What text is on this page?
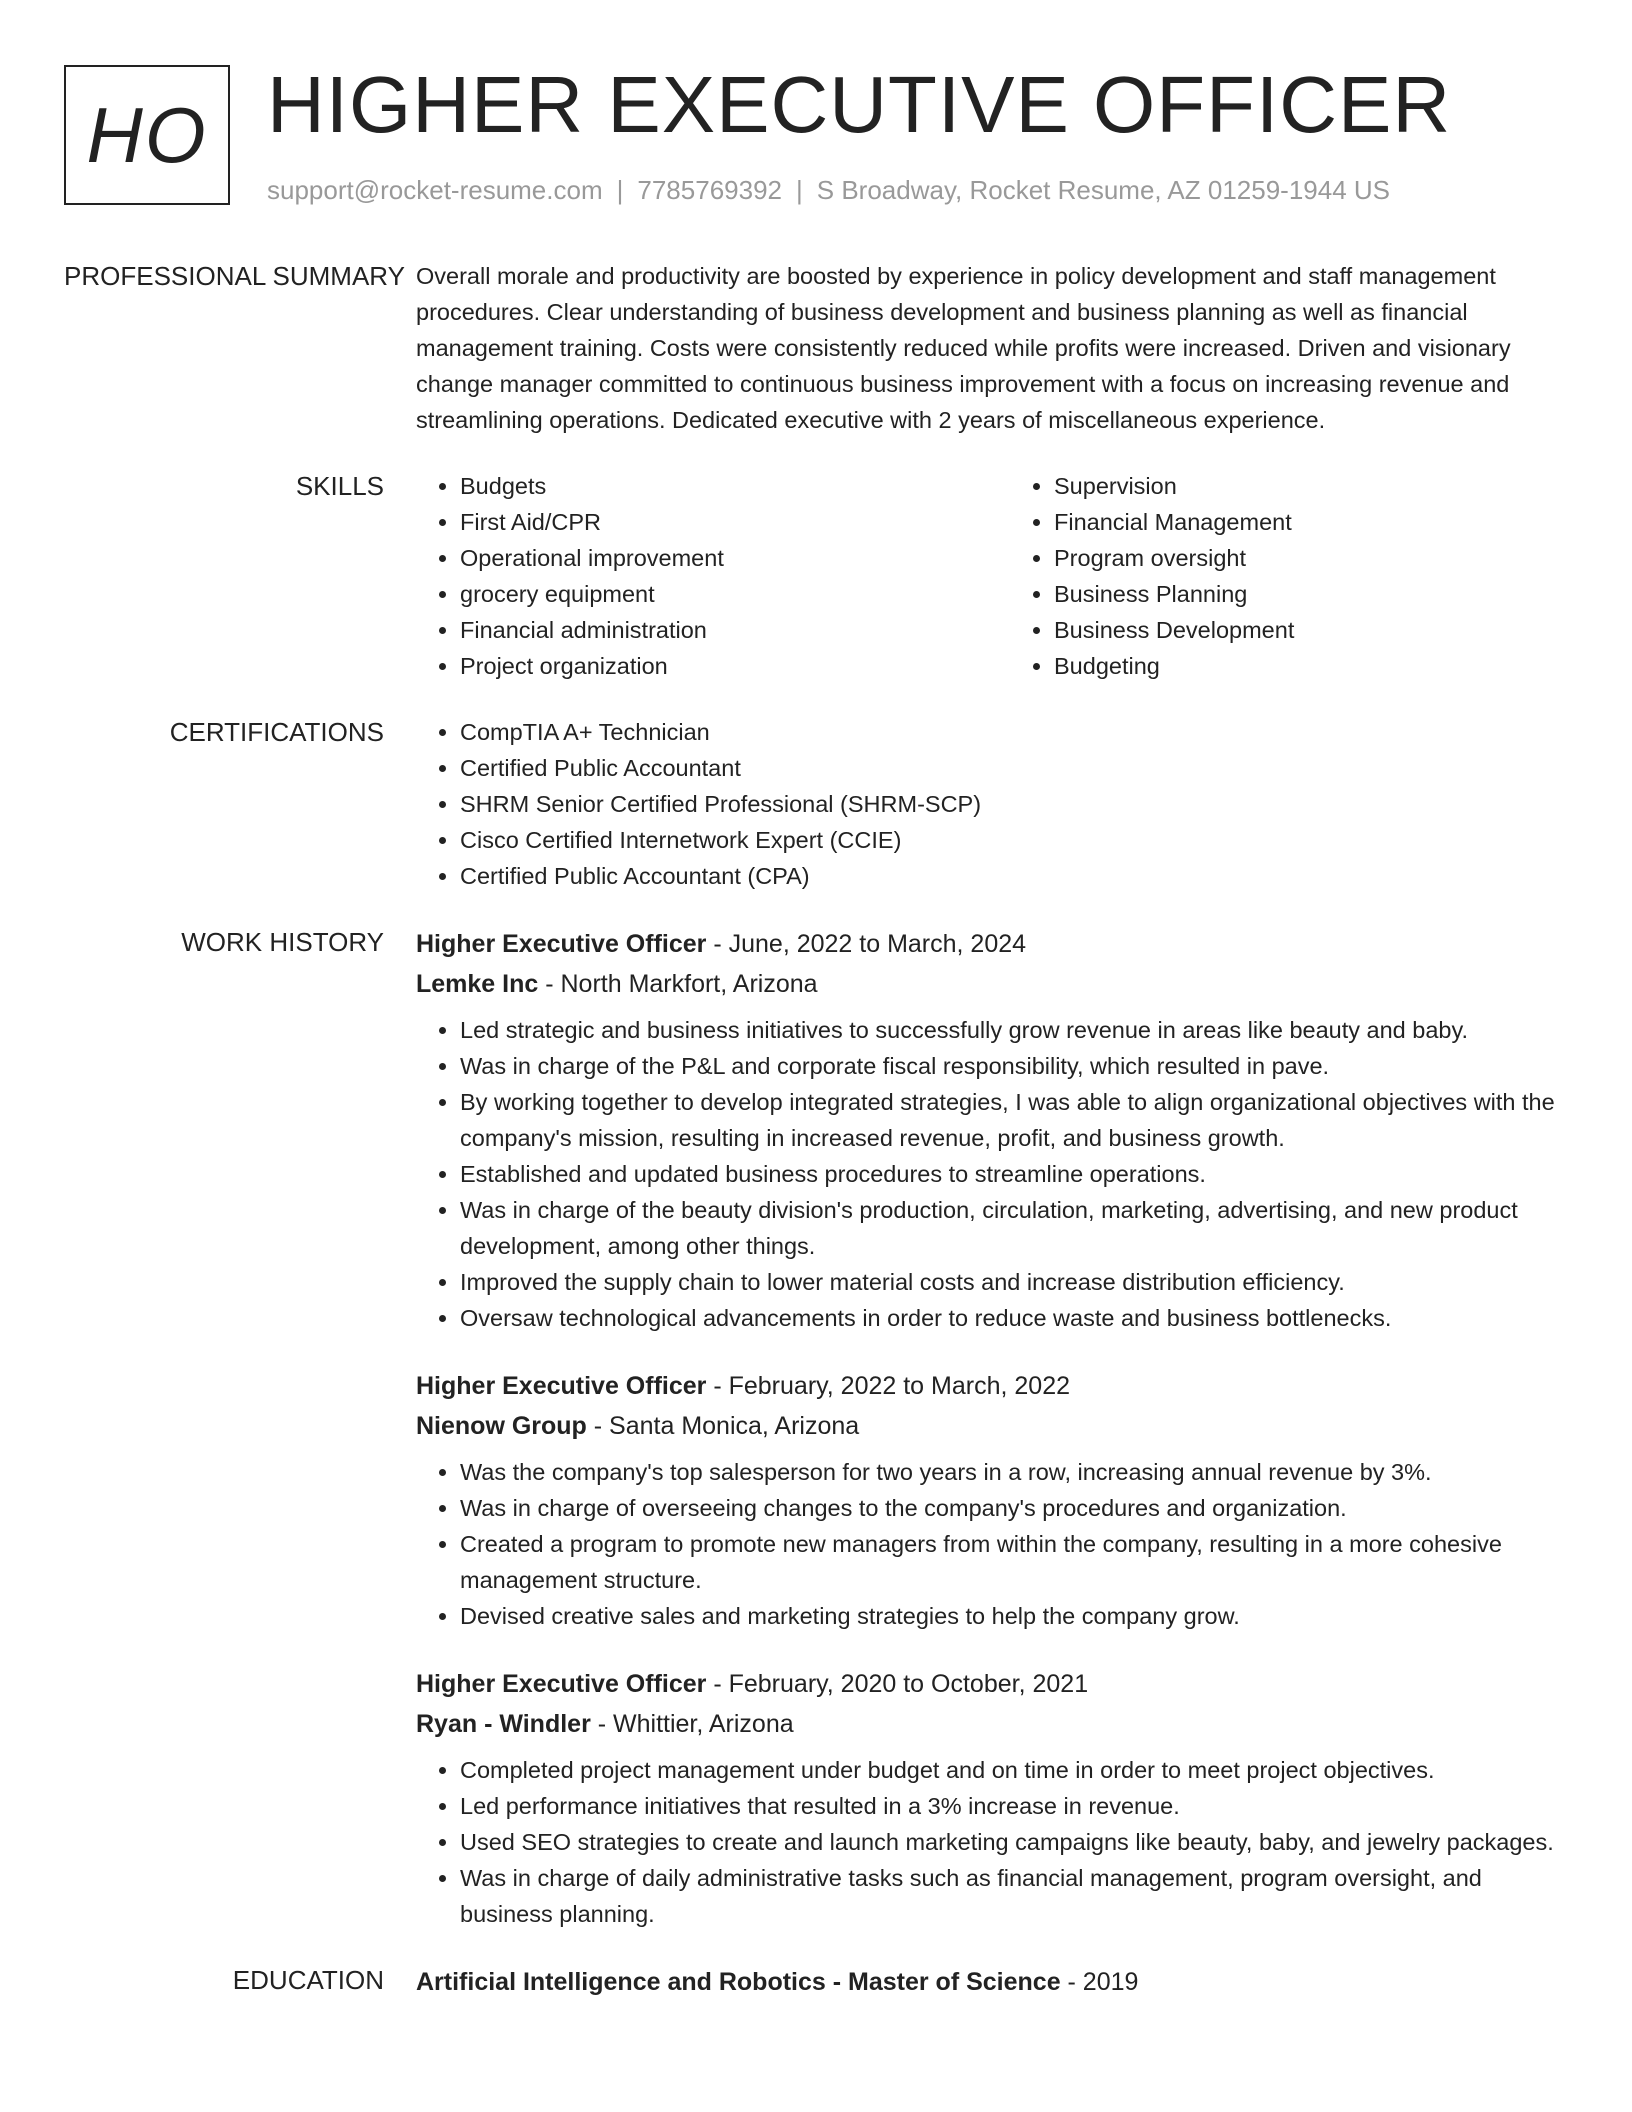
HO HIGHER EXECUTIVE OFFICER
support@rocket-resume.com | 7785769392 | S Broadway, Rocket Resume, AZ 01259-1944 US
PROFESSIONAL SUMMARY Overall morale and productivity are boosted by experience in policy development and staff management procedures. Clear understanding of business development and business planning as well as financial management training. Costs were consistently reduced while profits were increased. Driven and visionary change manager committed to continuous business improvement with a focus on increasing revenue and streamlining operations. Dedicated executive with 2 years of miscellaneous experience.

SKILLS	• Budgets
• First Aid/CPR
• Operational improvement
• grocery equipment
• Financial administration
• Project organization
• Supervision
• Financial Management
• Program oversight
• Business Planning
• Business Development
• Budgeting
CERTIFICATIONS	• CompTIA A+ Technician
• Certified Public Accountant
• SHRM Senior Certified Professional (SHRM-SCP)
• Cisco Certified Internetwork Expert (CCIE)
• Certified Public Accountant (CPA)
WORK HISTORY	Higher Executive Officer - June, 2022 to March, 2024
Lemke Inc - North Markfort, Arizona
• Led strategic and business initiatives to successfully grow revenue in areas like beauty and baby.
• Was in charge of the P&L and corporate fiscal responsibility, which resulted in pave.
• By working together to develop integrated strategies, I was able to align organizational objectives with the company's mission, resulting in increased revenue, profit, and business growth.
• Established and updated business procedures to streamline operations.
• Was in charge of the beauty division's production, circulation, marketing, advertising, and new product development, among other things.
• Improved the supply chain to lower material costs and increase distribution efficiency.
• Oversaw technological advancements in order to reduce waste and business bottlenecks.
Higher Executive Officer - February, 2022 to March, 2022
Nienow Group - Santa Monica, Arizona
• Was the company's top salesperson for two years in a row, increasing annual revenue by 3%.
• Was in charge of overseeing changes to the company's procedures and organization.
• Created a program to promote new managers from within the company, resulting in a more cohesive management structure.
• Devised creative sales and marketing strategies to help the company grow.
Higher Executive Officer - February, 2020 to October, 2021
Ryan - Windler - Whittier, Arizona
• Completed project management under budget and on time in order to meet project objectives.
• Led performance initiatives that resulted in a 3% increase in revenue.
• Used SEO strategies to create and launch marketing campaigns like beauty, baby, and jewelry packages.
• Was in charge of daily administrative tasks such as financial management, program oversight, and business planning.
EDUCATION	Artificial Intelligence and Robotics - Master of Science - 2019
